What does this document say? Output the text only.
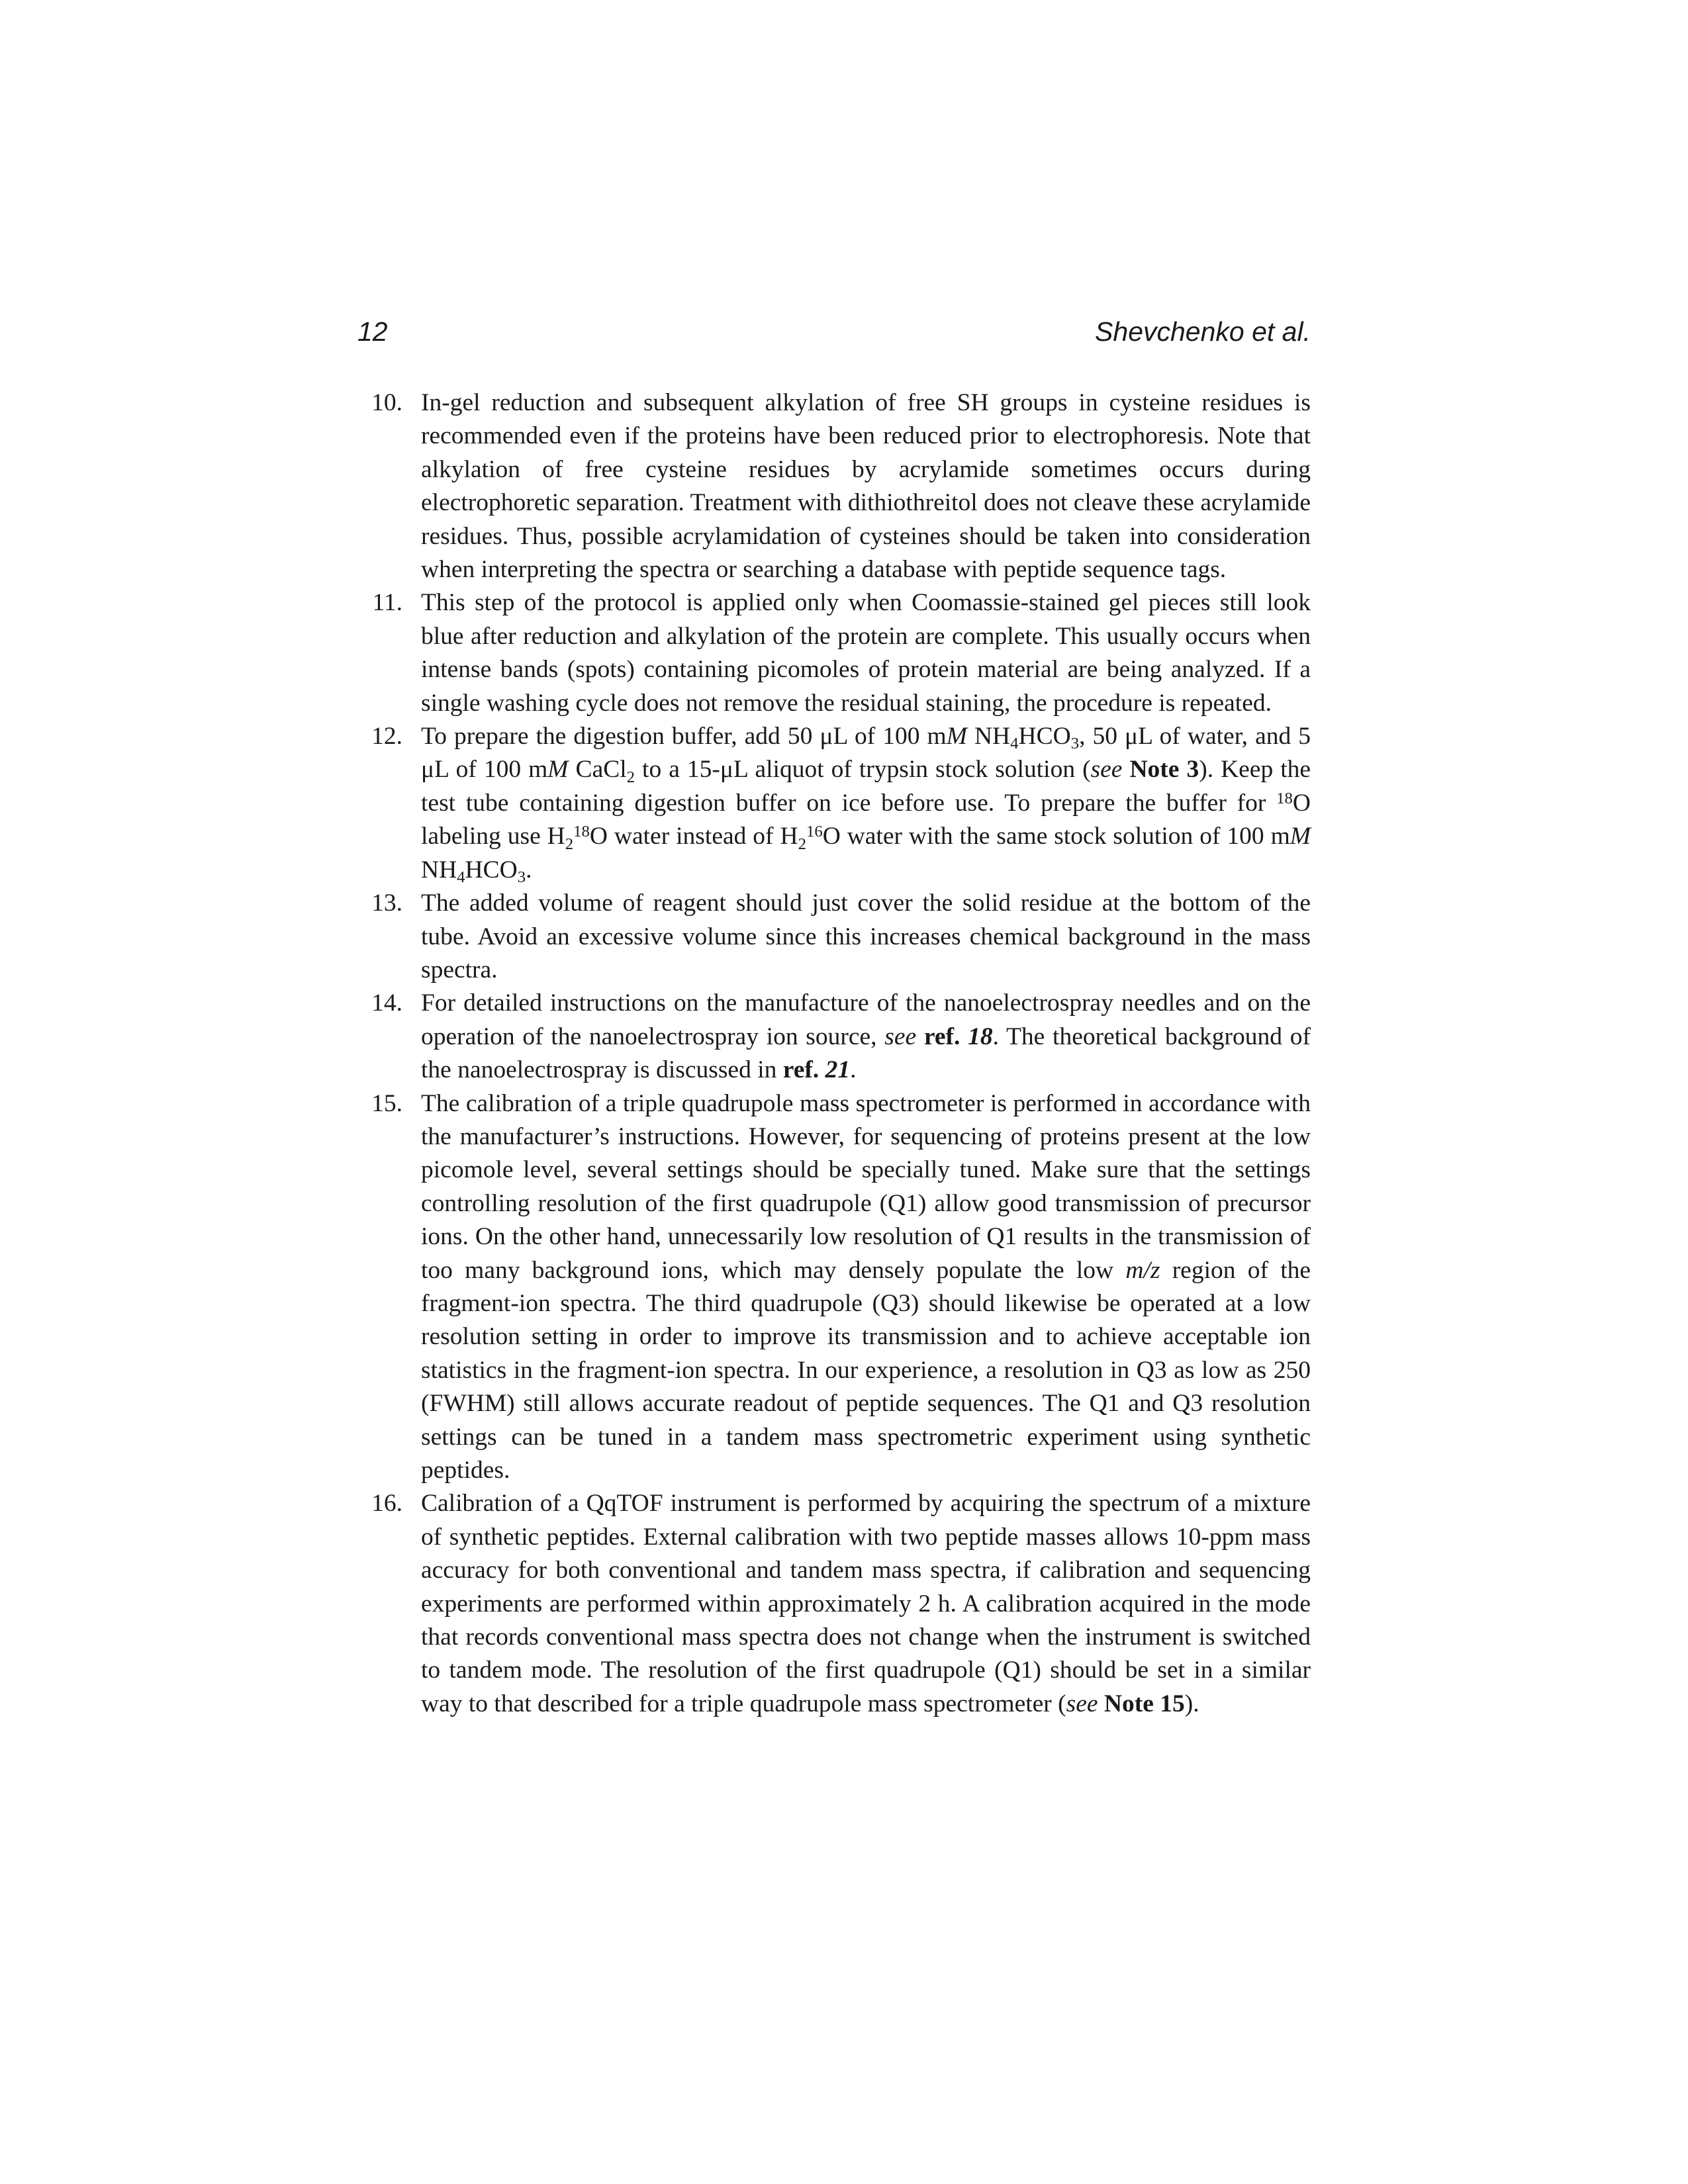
12	Shevchenko et al.
10. In-gel reduction and subsequent alkylation of free SH groups in cysteine residues is recommended even if the proteins have been reduced prior to electrophoresis. Note that alkylation of free cysteine residues by acrylamide sometimes occurs during electrophoretic separation. Treatment with dithiothreitol does not cleave these acrylamide residues. Thus, possible acrylamidation of cysteines should be taken into consideration when interpreting the spectra or searching a database with peptide sequence tags.
11. This step of the protocol is applied only when Coomassie-stained gel pieces still look blue after reduction and alkylation of the protein are complete. This usually occurs when intense bands (spots) containing picomoles of protein material are being analyzed. If a single washing cycle does not remove the residual staining, the procedure is repeated.
12. To prepare the digestion buffer, add 50 μL of 100 mM $NH_4HCO_3$, 50 μL of water, and 5 μL of 100 mM CaCl$_2$ to a 15-μL aliquot of trypsin stock solution (see Note 3). Keep the test tube containing digestion buffer on ice before use. To prepare the buffer for $^{18}$O labeling use $H_2^{18}O$ water instead of $H_2^{16}O$ water with the same stock solution of 100 mM $NH_4HCO_3$.
13. The added volume of reagent should just cover the solid residue at the bottom of the tube. Avoid an excessive volume since this increases chemical background in the mass spectra.
14. For detailed instructions on the manufacture of the nanoelectrospray needles and on the operation of the nanoelectrospray ion source, see ref. 18. The theoretical background of the nanoelectrospray is discussed in ref. 21.
15. The calibration of a triple quadrupole mass spectrometer is performed in accordance with the manufacturer’s instructions. However, for sequencing of proteins present at the low picomole level, several settings should be specially tuned. Make sure that the settings controlling resolution of the first quadrupole (Q1) allow good transmission of precursor ions. On the other hand, unnecessarily low resolution of Q1 results in the transmission of too many background ions, which may densely populate the low m/z region of the fragment-ion spectra. The third quadrupole (Q3) should likewise be operated at a low resolution setting in order to improve its transmission and to achieve acceptable ion statistics in the fragment-ion spectra. In our experience, a resolution in Q3 as low as 250 (FWHM) still allows accurate readout of peptide sequences. The Q1 and Q3 resolution settings can be tuned in a tandem mass spectrometric experiment using synthetic peptides.
16. Calibration of a QqTOF instrument is performed by acquiring the spectrum of a mixture of synthetic peptides. External calibration with two peptide masses allows 10-ppm mass accuracy for both conventional and tandem mass spectra, if calibration and sequencing experiments are performed within approximately 2 h. A calibration acquired in the mode that records conventional mass spectra does not change when the instrument is switched to tandem mode. The resolution of the first quadrupole (Q1) should be set in a similar way to that described for a triple quadrupole mass spectrometer (see Note 15).
